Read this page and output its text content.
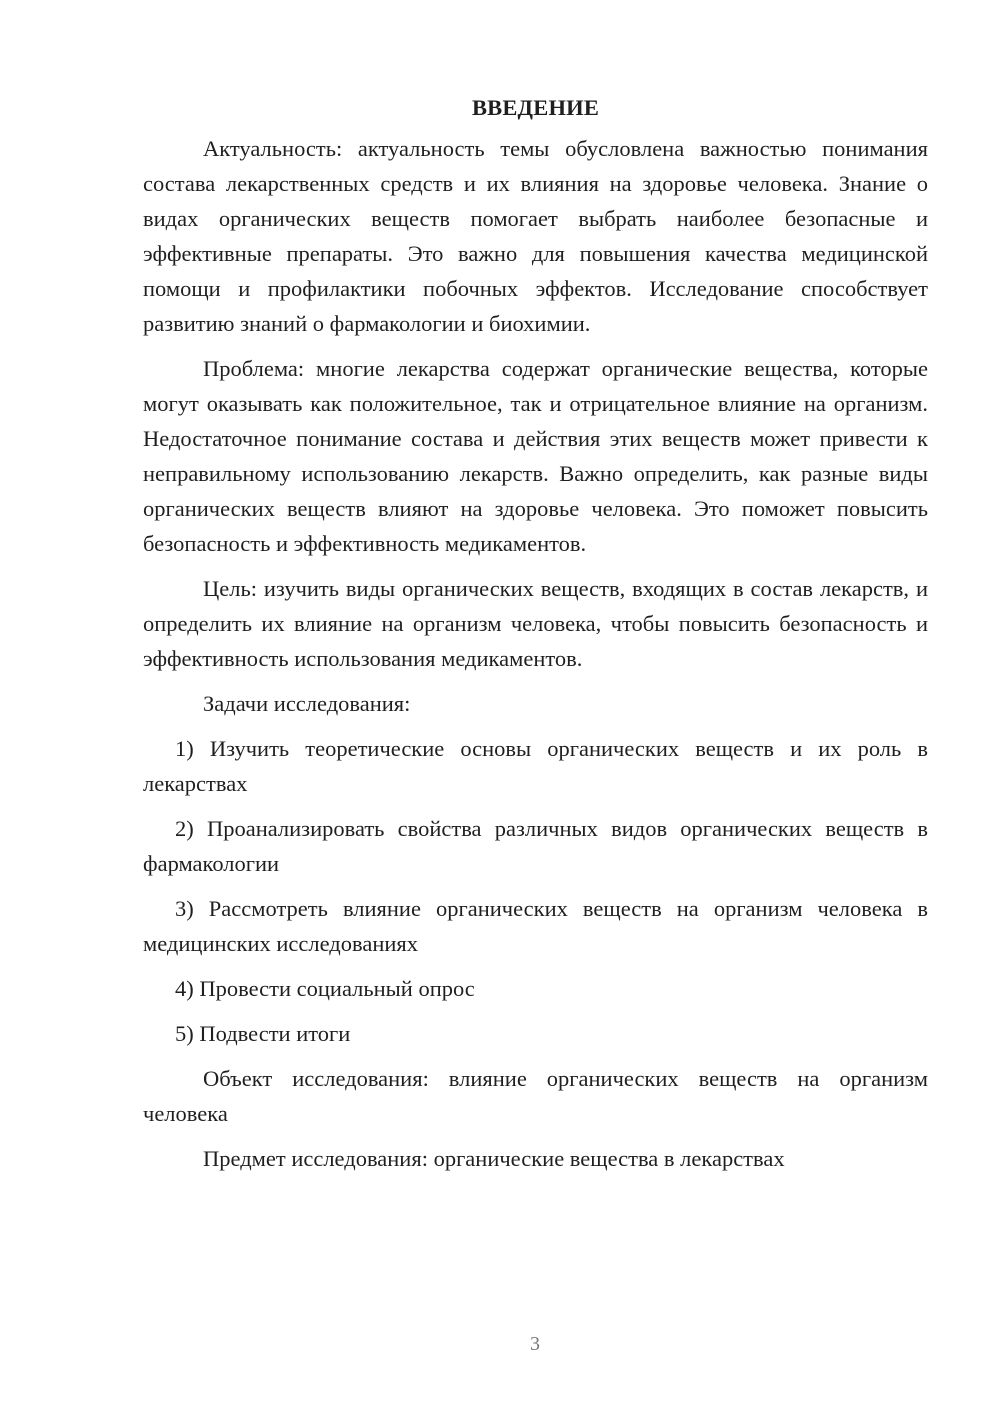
ВВЕДЕНИЕ

Актуальность: актуальность темы обусловлена важностью понимания состава лекарственных средств и их влияния на здоровье человека. Знание о видах органических веществ помогает выбрать наиболее безопасные и эффективные препараты. Это важно для повышения качества медицинской помощи и профилактики побочных эффектов. Исследование способствует развитию знаний о фармакологии и биохимии.

Проблема: многие лекарства содержат органические вещества, которые могут оказывать как положительное, так и отрицательное влияние на организм. Недостаточное понимание состава и действия этих веществ может привести к неправильному использованию лекарств. Важно определить, как разные виды органических веществ влияют на здоровье человека. Это поможет повысить безопасность и эффективность медикаментов.

Цель: изучить виды органических веществ, входящих в состав лекарств, и определить их влияние на организм человека, чтобы повысить безопасность и эффективность использования медикаментов.

Задачи исследования:

1) Изучить теоретические основы органических веществ и их роль в лекарствах

2) Проанализировать свойства различных видов органических веществ в фармакологии

3) Рассмотреть влияние органических веществ на организм человека в медицинских исследованиях

4) Провести социальный опрос

5) Подвести итоги

Объект исследования: влияние органических веществ на организм человека

Предмет исследования: органические вещества в лекарствах

3
